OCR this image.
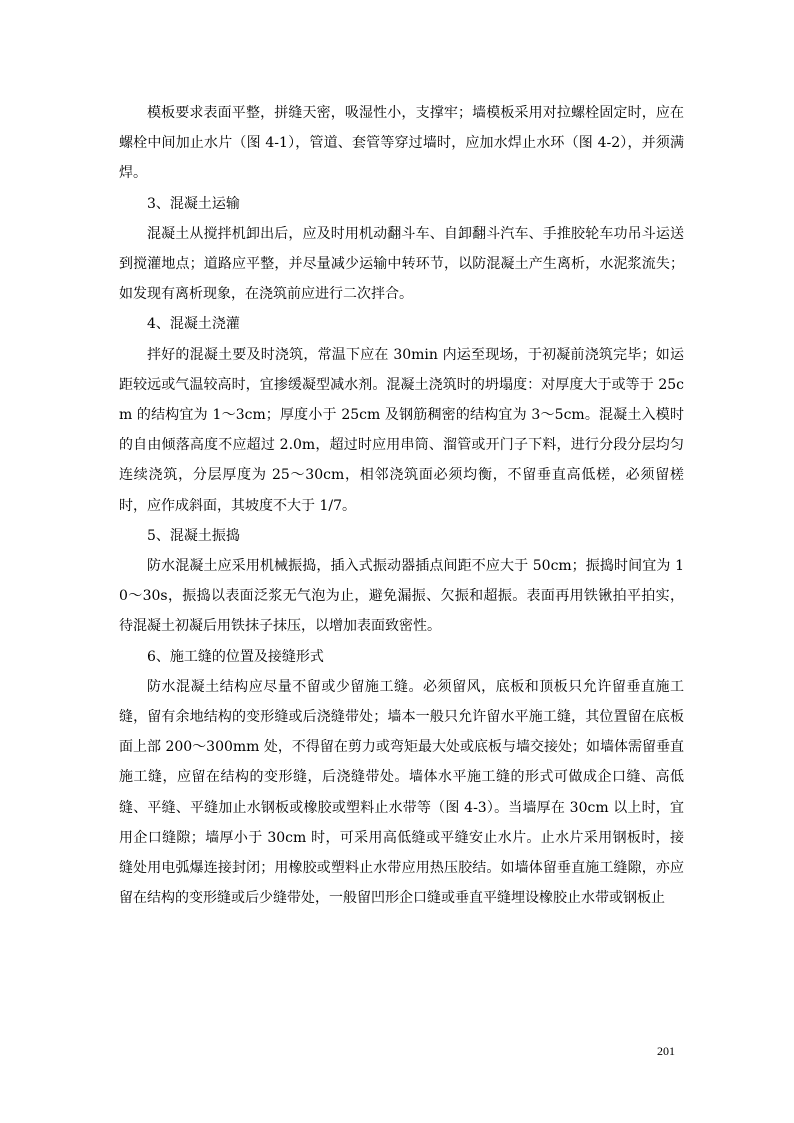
模板要求表面平整，拼缝天密，吸湿性小，支撑牢；墙模板采用对拉螺栓固定时，应在螺栓中间加止水片（图 4-1），管道、套管等穿过墙时，应加水焊止水环（图 4-2），并须满焊。

3、混凝土运输

混凝土从搅拌机卸出后，应及时用机动翻斗车、自卸翻斗汽车、手推胶轮车功吊斗运送到搅灌地点；道路应平整，并尽量减少运输中转环节，以防混凝土产生离析，水泥浆流失；如发现有离析现象，在浇筑前应进行二次拌合。

4、混凝土浇灌

拌好的混凝土要及时浇筑，常温下应在 30min 内运至现场，于初凝前浇筑完毕；如运距较远或气温较高时，宜掺缓凝型减水剂。混凝土浇筑时的坍塌度：对厚度大于或等于 25cm 的结构宜为 1～3cm；厚度小于 25cm 及钢筋稠密的结构宜为 3～5cm。混凝土入模时的自由倾落高度不应超过 2.0m，超过时应用串筒、溜管或开门子下料，进行分段分层均匀连续浇筑，分层厚度为 25～30cm，相邻浇筑面必须均衡，不留垂直高低槎，必须留槎时，应作成斜面，其坡度不大于 1/7。

5、混凝土振捣

防水混凝土应采用机械振捣，插入式振动器插点间距不应大于 50cm；振捣时间宜为 10～30s，振捣以表面泛浆无气泡为止，避免漏振、欠振和超振。表面再用铁锹拍平拍实，待混凝土初凝后用铁抹子抹压，以增加表面致密性。

6、施工缝的位置及接缝形式

防水混凝土结构应尽量不留或少留施工缝。必须留风，底板和顶板只允许留垂直施工缝，留有余地结构的变形缝或后浇缝带处；墙本一般只允许留水平施工缝，其位置留在底板面上部 200～300mm 处，不得留在剪力或弯矩最大处或底板与墙交接处；如墙体需留垂直施工缝，应留在结构的变形缝，后浇缝带处。墙体水平施工缝的形式可做成企口缝、高低缝、平缝、平缝加止水钢板或橡胶或塑料止水带等（图 4-3）。当墙厚在 30cm 以上时，宜用企口缝隙；墙厚小于 30cm 时，可采用高低缝或平缝安止水片。止水片采用钢板时，接缝处用电弧爆连接封闭；用橡胶或塑料止水带应用热压胶结。如墙体留垂直施工缝隙，亦应留在结构的变形缝或后少缝带处，一般留凹形企口缝或垂直平缝埋设橡胶止水带或钢板止

201
